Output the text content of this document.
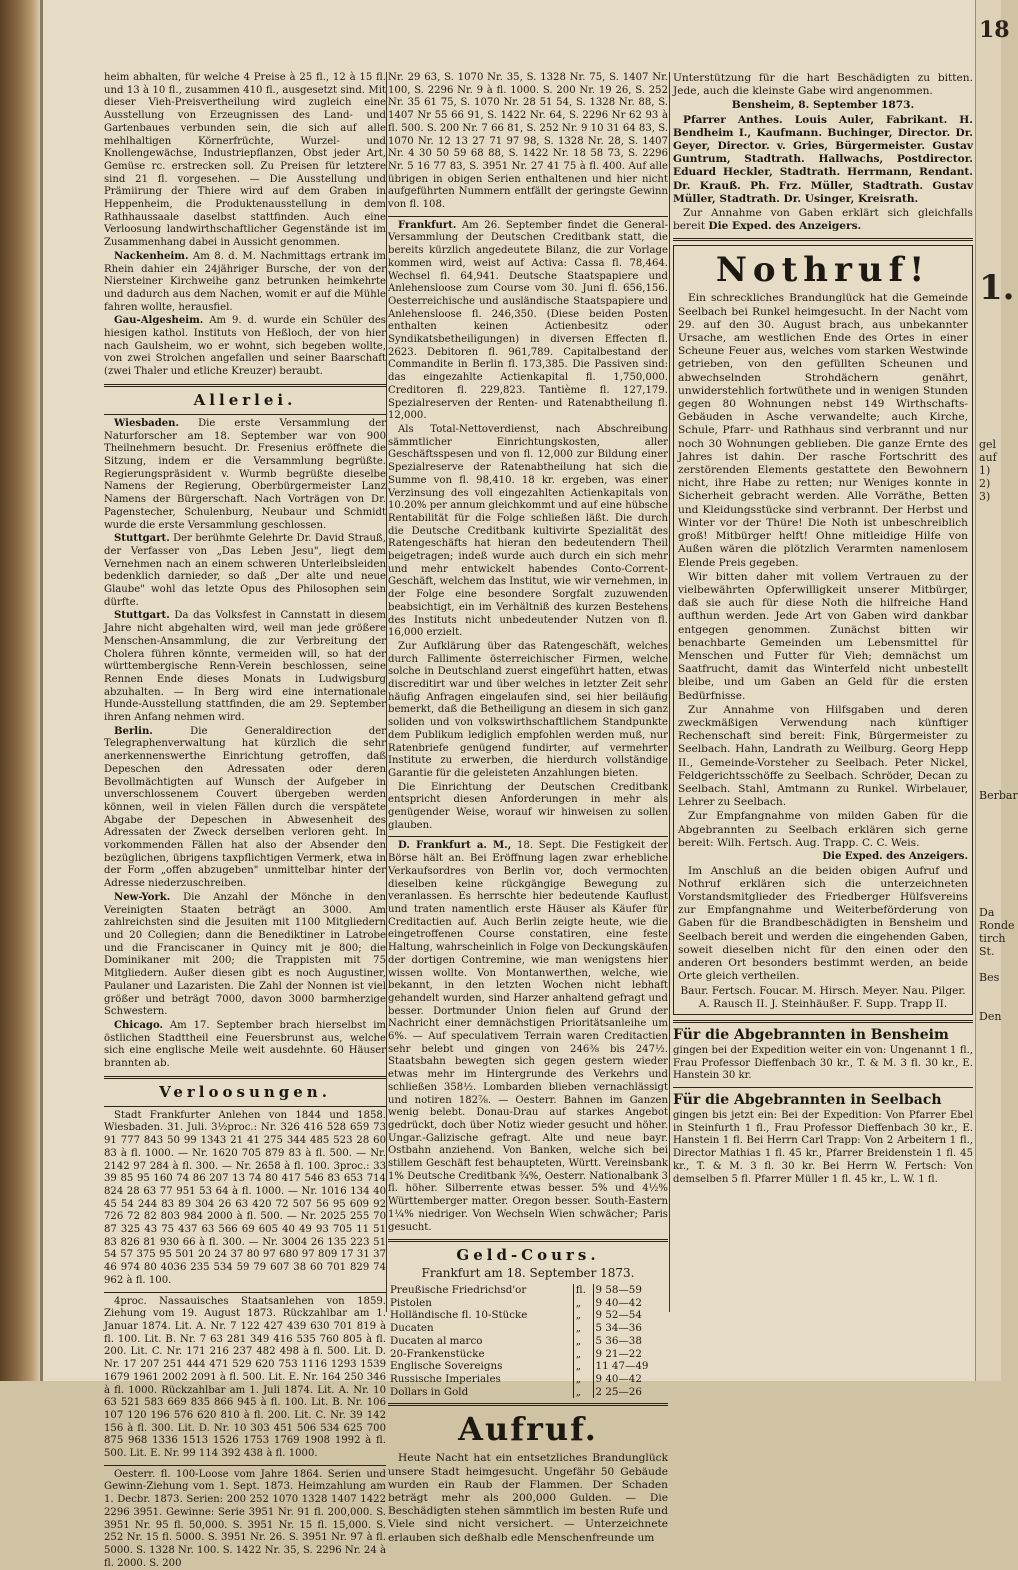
heim abhalten, für welche 4 Preise à 25 fl., 12 à 15 fl. und 13 à 10 fl., zusammen 410 fl., ausgesetzt sind. Mit dieser Vieh-Preisvertheilung wird zugleich eine Ausstellung von Erzeugnissen des Land- und Gartenbaues verbunden sein, die sich auf alle mehlhaltigen Körnerfrüchte, Wurzel- und Knollengewächse, Industriepflanzen, Obst jeder Art, Gemüse rc. erstrecken soll. Zu Preisen für letztere sind 21 fl. vorgesehen. — Die Ausstellung und Prämiirung der Thiere wird auf dem Graben in Heppenheim, die Produktenausstellung in dem Rathhaussaale daselbst stattfinden. Auch eine Verloosung landwirthschaftlicher Gegenstände ist im Zusammenhang dabei in Aussicht genommen.

Nackenheim. Am 8. d. M. Nachmittags ertrank im Rhein dahier ein 24jähriger Bursche, der von der Niersteiner Kirchweihe ganz betrunken heimkehrte und dadurch aus dem Nachen, womit er auf die Mühle fahren wollte, herausfiel.

Gau-Algesheim. Am 9. d. wurde ein Schüler des hiesigen kathol. Instituts von Heßloch, der von hier nach Gaulsheim, wo er wohnt, sich begeben wollte, von zwei Strolchen angefallen und seiner Baarschaft (zwei Thaler und etliche Kreuzer) beraubt.

Allerlei.

Wiesbaden. Die erste Versammlung der Naturforscher am 18. September war von 900 Theilnehmern besucht. Dr. Fresenius eröffnete die Sitzung, indem er die Versammlung begrüßte. Regierungspräsident v. Wurmb begrüßte dieselbe Namens der Regierung, Oberbürgermeister Lanz Namens der Bürgerschaft. Nach Vorträgen von Dr. Pagenstecher, Schulenburg, Neubaur und Schmidt wurde die erste Versammlung geschlossen.

Stuttgart. Der berühmte Gelehrte Dr. David Strauß, der Verfasser von „Das Leben Jesu", liegt dem Vernehmen nach an einem schweren Unterleibsleiden bedenklich darnieder, so daß „Der alte und neue Glaube" wohl das letzte Opus des Philosophen sein dürfte.

Stuttgart. Da das Volksfest in Cannstatt in diesem Jahre nicht abgehalten wird, weil man jede größere Menschen-Ansammlung, die zur Verbreitung der Cholera führen könnte, vermeiden will, so hat der württembergische Renn-Verein beschlossen, seine Rennen Ende dieses Monats in Ludwigsburg abzuhalten. — In Berg wird eine internationale Hunde-Ausstellung stattfinden, die am 29. September ihren Anfang nehmen wird.

Berlin.	Die Generaldirection der Telegraphenverwaltung hat kürzlich die sehr anerkennenswerthe Einrichtung getroffen, daß Depeschen den Adressaten oder deren Bevollmächtigten auf Wunsch der Aufgeber in unverschlossenem Couvert übergeben werden können, weil in vielen Fällen durch die verspätete Abgabe der Depeschen in Abwesenheit des Adressaten der Zweck derselben verloren geht. In vorkommenden Fällen hat also der Absender den bezüglichen, übrigens taxpflichtigen Vermerk, etwa in der Form „offen abzugeben" unmittelbar hinter der Adresse niederzuschreiben.

New-York. Die Anzahl der Mönche in den Vereinigten Staaten beträgt an 3000. Am zahlreichsten sind die Jesuiten mit 1100 Mitgliedern und 20 Collegien; dann die Benediktiner in Latrobe und die Franciscaner in Quincy mit je 800; die Dominikaner mit 200; die Trappisten mit 75 Mitgliedern. Außer diesen gibt es noch Augustiner, Paulaner und Lazaristen. Die Zahl der Nonnen ist viel größer und beträgt 7000, davon 3000 barmherzige Schwestern.

Chicago. Am 17. September brach hierselbst im östlichen Stadttheil eine Feuersbrunst aus, welche sich eine englische Meile weit ausdehnte. 60 Häuser brannten ab.

Verloosungen.

Stadt Frankfurter Anlehen von 1844 und 1858. Wiesbaden. 31. Juli. 3½proc.: Nr. 326 416 528 659 73 91 777 843 50 99 1343 21 41 275 344 485 523 28 60 83 à fl. 1000. — Nr. 1620 705 879 83 à fl. 500. — Nr. 2142 97 284 à fl. 300. — Nr. 2658 à fl. 100. 3proc.: 33 39 85 95 160 74 86 207 13 74 80 417 546 83 653 714 824 28 63 77 951 53 64 à fl. 1000. — Nr. 1016 134 40 45 54 244 83 89 304 26 63 420 72 507 56 95 609 92 726 72 82 803 984 2000 à fl. 500. — Nr. 2025 255 70 87 325 43 75 437 63 566 69 605 40 49 93 705 11 51 83 826 81 930 66 à fl. 300. — Nr. 3004 26 135 223 51 54 57 375 95 501 20 24 37 80 97 680 97 809 17 31 37 46 974 80 4036 235 534 59 79 607 38 60 701 829 74 962 à fl. 100.

4proc. Nassauisches Staatsanlehen von 1859. Ziehung vom 19. August 1873. Rückzahlbar am 1. Januar 1874. Lit. A. Nr. 7 122 427 439 630 701 819 à fl. 100. Lit. B. Nr. 7 63 281 349 416 535 760 805 à fl. 200. Lit. C. Nr. 171 216 237 482 498 à fl. 500. Lit. D. Nr. 17 207 251 444 471 529 620 753 1116 1293 1539 1679 1961 2002 2091 à fl. 500. Lit. E. Nr. 164 250 346 à fl. 1000. Rückzahlbar am 1. Juli 1874. Lit. A. Nr. 10 63 521 583 669 835 866 945 à fl. 100. Lit. B. Nr. 106 107 120 196 576 620 810 à fl. 200. Lit. C. Nr. 39 142 156 à fl. 300. Lit. D. Nr. 10 303 451 506 534 625 700 875 968 1336 1513 1526 1753 1769 1908 1992 à fl. 500. Lit. E. Nr. 99 114 392 438 à fl. 1000.

Oesterr. fl. 100-Loose vom Jahre 1864. Serien und Gewinn-Ziehung vom 1. Sept. 1873. Heimzahlung am 1. Decbr. 1873. Serien: 200 252 1070 1328 1407 1422 2296 3951. Gewinne: Serie 3951 Nr. 91 fl. 200,000. S. 3951 Nr. 95 fl. 50,000. S. 3951 Nr. 15 fl. 15,000. S. 252 Nr. 15 fl. 5000. S. 3951 Nr. 26. S. 3951 Nr. 97 à fl. 5000. S. 1328 Nr. 100. S. 1422 Nr. 35, S. 2296 Nr. 24 à fl. 2000. S. 200

Nr. 29 63, S. 1070 Nr. 35, S. 1328 Nr. 75, S. 1407 Nr. 100, S. 2296 Nr. 9 à fl. 1000. S. 200 Nr. 19 26, S. 252 Nr. 35 61 75, S. 1070 Nr. 28 51 54, S. 1328 Nr. 88, S. 1407 Nr 55 66 91, S. 1422 Nr. 64, S. 2296 Nr 62 93 à fl. 500. S. 200 Nr. 7 66 81, S. 252 Nr. 9 10 31 64 83, S. 1070 Nr. 12 13 27 71 97 98, S. 1328 Nr. 28, S. 1407 Nr. 4 30 50 59 68 88, S. 1422 Nr. 18 58 73, S. 2296 Nr. 5 16 77 83, S. 3951 Nr. 27 41 75 à fl. 400. Auf alle übrigen in obigen Serien enthaltenen und hier nicht aufgeführten Nummern entfällt der geringste Gewinn von fl. 108.

Frankfurt. Am 26. September findet die General-Versammlung der Deutschen Creditbank statt, die bereits kürzlich angedeutete Bilanz, die zur Vorlage kommen wird, weist auf Activa: Cassa fl. 78,464. Wechsel fl. 64,941. Deutsche Staatspapiere und Anlehensloose zum Course vom 30. Juni fl. 656,156. Oesterreichische und ausländische Staatspapiere und Anlehensloose fl. 246,350. (Diese beiden Posten enthalten keinen Actienbesitz oder Syndikatsbetheiligungen) in diversen Effecten fl. 2623. Debitoren fl. 961,789. Capitalbestand der Commandite in Berlin fl. 173,385. Die Passiven sind: das eingezahlte Actienkapital fl. 1,750,000. Creditoren fl. 229,823. Tantième fl. 127,179. Spezialreserven der Renten- und Ratenabtheilung fl. 12,000.

Als Total-Nettoverdienst, nach Abschreibung sämmtlicher Einrichtungskosten, aller Geschäftsspesen und von fl. 12,000 zur Bildung einer Spezialreserve der Ratenabtheilung hat sich die Summe von fl. 98,410. 18 kr. ergeben, was einer Verzinsung des voll eingezahlten Actienkapitals von 10.20% per annum gleichkommt und auf eine hübsche Rentabilität für die Folge schließen läßt. Die durch die Deutsche Creditbank kultivirte Spezialität des Ratengeschäfts hat hieran den bedeutendern Theil beigetragen; indeß wurde auch durch ein sich mehr und mehr entwickelt habendes Conto-Corrent-Geschäft, welchem das Institut, wie wir vernehmen, in der Folge eine besondere Sorgfalt zuzuwenden beabsichtigt, ein im Verhältniß des kurzen Bestehens des Instituts nicht unbedeutender Nutzen von fl. 16,000 erzielt.

Zur Aufklärung über das Ratengeschäft, welches durch Fallimente österreichischer Firmen, welche solche in Deutschland zuerst eingeführt hatten, etwas discreditirt war und über welches in letzter Zeit sehr häufig Anfragen eingelaufen sind, sei hier beiläufig bemerkt, daß die Betheiligung an diesem in sich ganz soliden und von volkswirthschaftlichem Standpunkte dem Publikum lediglich empfohlen werden muß, nur Ratenbriefe genügend fundirter, auf vermehrter Institute zu erwerben, die hierdurch vollständige Garantie für die geleisteten Anzahlungen bieten.

Die Einrichtung der Deutschen Creditbank entspricht diesen Anforderungen in mehr als genügender Weise, worauf wir hinweisen zu sollen glauben.

D. Frankfurt a. M., 18. Sept. Die Festigkeit der Börse hält an. Bei Eröffnung lagen zwar erhebliche Verkaufsordres von Berlin vor, doch vermochten dieselben keine rückgängige Bewegung zu veranlassen. Es herrschte hier bedeutende Kauflust und traten namentlich erste Häuser als Käufer für Creditactien auf. Auch Berlin zeigte heute, wie die eingetroffenen Course constatiren, eine feste Haltung, wahrscheinlich in Folge von Deckungskäufen der dortigen Contremine, wie man wenigstens hier wissen wollte. Von Montanwerthen, welche, wie bekannt, in den letzten Wochen nicht lebhaft gehandelt wurden, sind Harzer anhaltend gefragt und besser. Dortmunder Union fielen auf Grund der Nachricht einer demnächstigen Prioritätsanleihe um 6%. — Auf speculativem Terrain waren Creditactien sehr belebt und gingen von 246⅜ bis 247½. Staatsbahn bewegten sich gegen gestern wieder etwas mehr im Hintergrunde des Verkehrs und schließen 358½. Lombarden blieben vernachlässigt und notiren 182⅞. — Oesterr. Bahnen im Ganzen wenig belebt. Donau-Drau auf starkes Angebot gedrückt, doch über Notiz wieder gesucht und höher. Ungar.-Galizische gefragt. Alte und neue bayr. Ostbahn anziehend. Von Banken, welche sich bei stillem Geschäft fest behaupteten, Württ. Vereinsbank 1% Deutsche Creditbank ¾%, Oesterr. Nationalbank 3 fl. höher. Silberrente etwas besser. 5% und 4½% Württemberger matter. Oregon besser. South-Eastern 1¼% niedriger. Von Wechseln Wien schwächer; Paris gesucht.

Geld-Cours.
Frankfurt am 18. September 1873.
Preußische Friedrichsd'or	fl.	9 58—59
Pistolen	„	9 40—42
Holländische fl. 10-Stücke	„	9 52—54
Ducaten	„	5 34—36
Ducaten al marco	„	5 36—38
20-Frankenstücke	„	9 21—22
Englische Sovereigns	„	11 47—49
Russische Imperiales	„	9 40—42
Dollars in Gold	„	2 25—26
Aufruf.

Heute Nacht hat ein entsetzliches Brandunglück unsere Stadt heimgesucht. Ungefähr 50 Gebäude wurden ein Raub der Flammen. Der Schaden beträgt mehr als 200,000 Gulden. — Die Beschädigten stehen sämmtlich im besten Rufe und Viele sind nicht versichert. — Unterzeichnete erlauben sich deßhalb edle Menschenfreunde um

Unterstützung für die hart Beschädigten zu bitten. Jede, auch die kleinste Gabe wird angenommen.

Bensheim, 8. September 1873.

Pfarrer Anthes. Louis Auler, Fabrikant. H. Bendheim I., Kaufmann. Buchinger, Director. Dr. Geyer, Director. v. Gries, Bürgermeister. Gustav Guntrum, Stadtrath. Hallwachs, Postdirector. Eduard Heckler, Stadtrath. Herrmann, Rendant. Dr. Krauß. Ph. Frz. Müller, Stadtrath. Gustav Müller, Stadtrath. Dr. Usinger, Kreisrath.

Zur Annahme von Gaben erklärt sich gleichfalls bereit Die Exped. des Anzeigers.

Nothruf!

Ein schreckliches Brandunglück hat die Gemeinde Seelbach bei Runkel heimgesucht. In der Nacht vom 29. auf den 30. August brach, aus unbekannter Ursache, am westlichen Ende des Ortes in einer Scheune Feuer aus, welches vom starken Westwinde getrieben, von den gefüllten Scheunen und abwechselnden Strohdächern genährt, unwiderstehlich fortwüthete und in wenigen Stunden gegen 80 Wohnungen nebst 149 Wirthschafts-Gebäuden in Asche verwandelte; auch Kirche, Schule, Pfarr- und Rathhaus sind verbrannt und nur noch 30 Wohnungen geblieben. Die ganze Ernte des Jahres ist dahin. Der rasche Fortschritt des zerstörenden Elements gestattete den Bewohnern nicht, ihre Habe zu retten; nur Weniges konnte in Sicherheit gebracht werden. Alle Vorräthe, Betten und Kleidungsstücke sind verbrannt. Der Herbst und Winter vor der Thüre! Die Noth ist unbeschreiblich groß! Mitbürger helft! Ohne mitleidige Hilfe von Außen wären die plötzlich Verarmten namenlosem Elende Preis gegeben.

Wir bitten daher mit vollem Vertrauen zu der vielbewährten Opferwilligkeit unserer Mitbürger, daß sie auch für diese Noth die hilfreiche Hand aufthun werden. Jede Art von Gaben wird dankbar entgegen genommen. Zunächst bitten wir benachbarte Gemeinden um Lebensmittel für Menschen und Futter für Vieh; demnächst um Saatfrucht, damit das Winterfeld nicht unbestellt bleibe, und um Gaben an Geld für die ersten Bedürfnisse.

Zur Annahme von Hilfsgaben und deren zweckmäßigen Verwendung nach künftiger Rechenschaft sind bereit: Fink, Bürgermeister zu Seelbach. Hahn, Landrath zu Weilburg. Georg Hepp II., Gemeinde-Vorsteher zu Seelbach. Peter Nickel, Feldgerichtsschöffe zu Seelbach. Schröder, Decan zu Seelbach. Stahl, Amtmann zu Runkel. Wirbelauer, Lehrer zu Seelbach.

Zur Empfangnahme von milden Gaben für die Abgebrannten zu Seelbach erklären sich gerne bereit: Wilh. Fertsch. Aug. Trapp. C. C. Weis.

Die Exped. des Anzeigers.

Im Anschluß an die beiden obigen Aufruf und Nothruf erklären sich die unterzeichneten Vorstandsmitglieder des Friedberger Hülfsvereins zur Empfangnahme und Weiterbeförderung von Gaben für die Brandbeschädigten in Bensheim und Seelbach bereit und werden die eingehenden Gaben, soweit dieselben nicht für den einen oder den anderen Ort besonders bestimmt werden, an beide Orte gleich vertheilen.

Baur. Fertsch. Foucar. M. Hirsch. Meyer. Nau. Pilger. A. Rausch II. J. Steinhäußer. F. Supp. Trapp II.

Für die Abgebrannten in Bensheim

gingen bei der Expedition weiter ein von: Ungenannt 1 fl., Frau Professor Dieffenbach 30 kr., T. & M. 3 fl. 30 kr., E. Hanstein 30 kr.

Für die Abgebrannten in Seelbach

gingen bis jetzt ein: Bei der Expedition: Von Pfarrer Ebel in Steinfurth 1 fl., Frau Professor Dieffenbach 30 kr., E. Hanstein 1 fl. Bei Herrn Carl Trapp: Von 2 Arbeitern 1 fl., Director Mathias 1 fl. 45 kr., Pfarrer Breidenstein 1 fl. 45 kr., T. & M. 3 fl. 30 kr. Bei Herrn W. Fertsch: Von demselben 5 fl. Pfarrer Müller 1 fl. 45 kr., L. W. 1 fl.

18
1.
gel
auf
1)
2)
3)
Berbar
Da
Ronde
tirch
St.
Bes
Den
